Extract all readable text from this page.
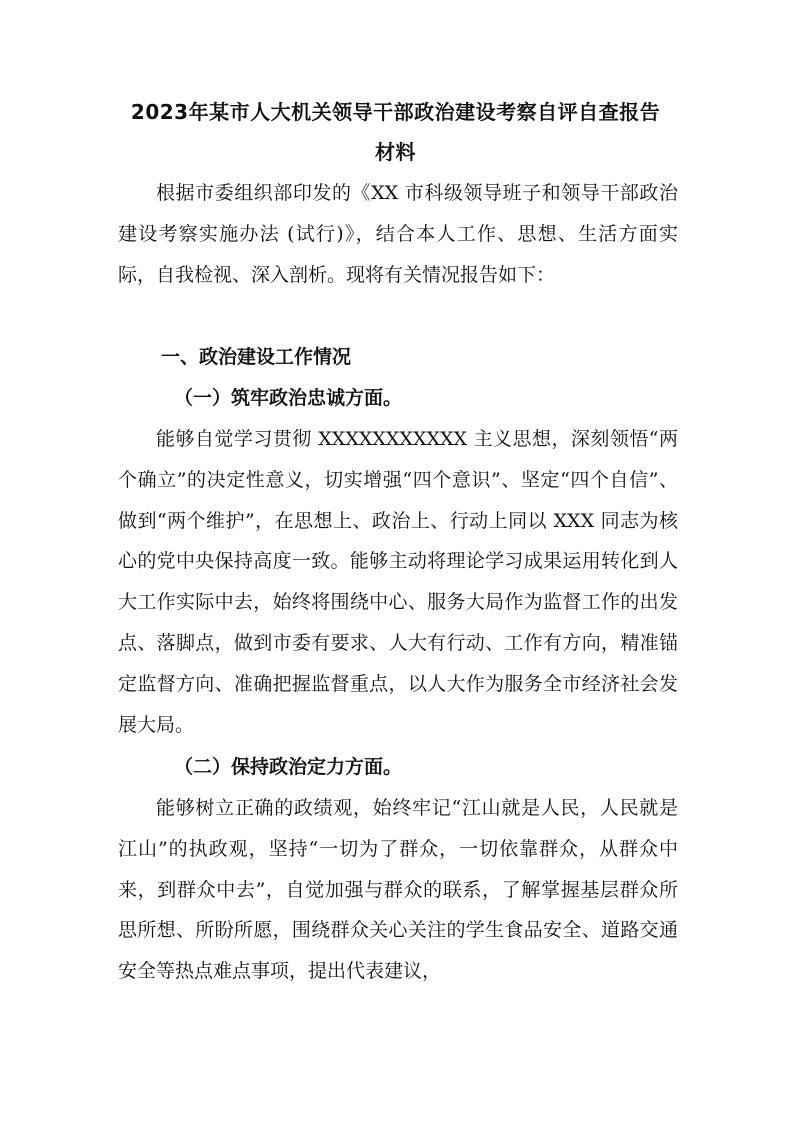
2023年某市人大机关领导干部政治建设考察自评自查报告
材料

根据市委组织部印发的《XX 市科级领导班子和领导干部政治建设考察实施办法 (试行)》，结合本人工作、思想、生活方面实际，自我检视、深入剖析。现将有关情况报告如下：

一、政治建设工作情况

（一）筑牢政治忠诚方面。

能够自觉学习贯彻 XXXXXXXXXXX 主义思想，深刻领悟“两个确立”的决定性意义，切实增强“四个意识”、坚定“四个自信”、做到“两个维护”，在思想上、政治上、行动上同以 XXX 同志为核心的党中央保持高度一致。能够主动将理论学习成果运用转化到人大工作实际中去，始终将围绕中心、服务大局作为监督工作的出发点、落脚点，做到市委有要求、人大有行动、工作有方向，精准锚定监督方向、准确把握监督重点，以人大作为服务全市经济社会发展大局。

（二）保持政治定力方面。

能够树立正确的政绩观，始终牢记“江山就是人民，人民就是江山”的执政观，坚持“一切为了群众，一切依靠群众，从群众中来，到群众中去”，自觉加强与群众的联系，了解掌握基层群众所思所想、所盼所愿，围绕群众关心关注的学生食品安全、道路交通安全等热点难点事项，提出代表建议，
